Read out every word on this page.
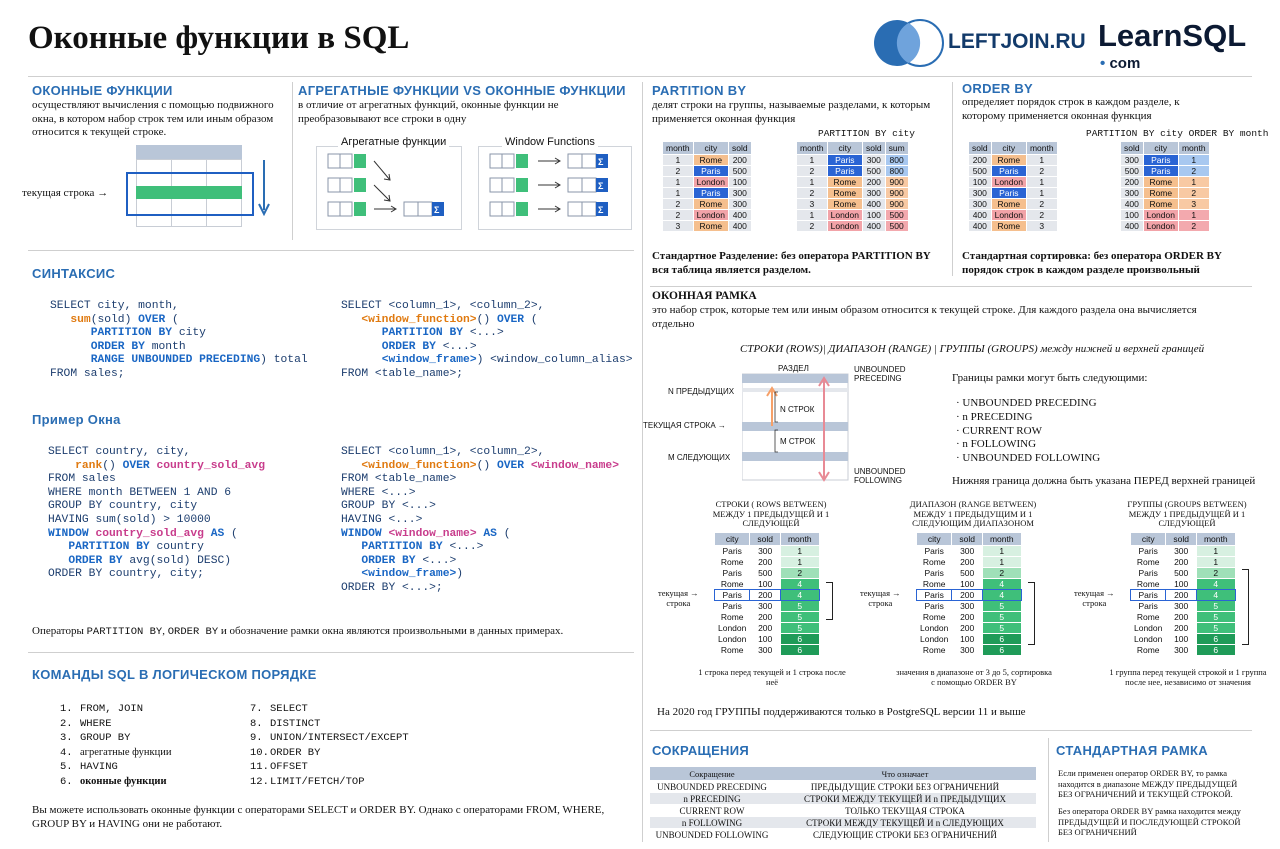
Оконные функции в SQL	LEFTJOIN.RU LearnSQL
• com
ОКОННЫЕ ФУНКЦИИ
осуществляют вычисления с помощью подвижного окна, в котором набор строк тем или иным образом относится к текущей строке.
текущая строка →
АГРЕГАТНЫЕ ФУНКЦИИ VS ОКОННЫЕ ФУНКЦИИ
в отличие от агрегатных функций, оконные функции не преобразовывают все строки в одну
Агрегатные функции	Window Functions
Σ
Σ
Σ
Σ
PARTITION BY
делят строки на группы, называемые разделами, к которым применяется оконная функция
PARTITION BY city
month	city	sold
1	Rome	200
2	Paris	500
1	London	100
1	Paris	300
2	Rome	300
2	London	400
3	Rome	400
month	city	sold	sum
1	Paris	300	800
2	Paris	500	800
1	Rome	200	900
2	Rome	300	900
3	Rome	400	900
1	London	100	500
2	London	400	500
Стандартное Разделение: без оператора PARTITION BY вся таблица является разделом.
ORDER BY
определяет порядок строк в каждом разделе, к которому применяется оконная функция
PARTITION BY city ORDER BY month
sold	city	month
200	Rome	1
500	Paris	2
100	London	1
300	Paris	1
300	Rome	2
400	London	2
400	Rome	3
sold	city	month
300	Paris	1
500	Paris	2
200	Rome	1
300	Rome	2
400	Rome	3
100	London	1
400	London	2
Стандартная сортировка: без оператора ORDER BY порядок строк в каждом разделе произвольный
СИНТАКСИС
SELECT city, month,
sum(sold) OVER (
PARTITION BY city
ORDER BY month
RANGE UNBOUNDED PRECEDING) total
FROM sales;
SELECT <column_1>, <column_2>,
<window_function>() OVER (
PARTITION BY <...>
ORDER BY <...>
<window_frame>) <window_column_alias>
FROM <table_name>;
Пример Окна
SELECT country, city,
rank() OVER country_sold_avg
FROM sales
WHERE month BETWEEN 1 AND 6
GROUP BY country, city
HAVING sum(sold) > 10000
WINDOW country_sold_avg AS (
PARTITION BY country
ORDER BY avg(sold) DESC)
ORDER BY country, city;
SELECT <column_1>, <column_2>,
<window_function>() OVER <window_name>
FROM <table_name>
WHERE <...>
GROUP BY <...>
HAVING <...>
WINDOW <window_name> AS (
PARTITION BY <...>
ORDER BY <...>
<window_frame>)
ORDER BY <...>;
Операторы PARTITION BY, ORDER BY и обозначение рамки окна являются произвольными в данных примерах.
КОМАНДЫ SQL В ЛОГИЧЕСКОМ ПОРЯДКЕ
1. FROM, JOIN
2. WHERE
3. GROUP BY
4. агрегатные функции
5. HAVING
6. оконные функции
7. SELECT
8. DISTINCT
9. UNION/INTERSECT/EXCEPT
10.ORDER BY
11.OFFSET
12.LIMIT/FETCH/TOP
Вы можете использовать оконные функции с операторами SELECT и ORDER BY. Однако с операторами FROM, WHERE, GROUP BY и HAVING они не работают.
ОКОННАЯ РАМКА
это набор строк, которые тем или иным образом относится к текущей строке. Для каждого раздела она вычисляется отдельно
СТРОКИ (ROWS)| ДИАПАЗОН (RANGE) | ГРУППЫ (GROUPS) между нижней и верхней границей
РАЗДЕЛ	UNBOUNDED
PRECEDING
N ПРЕДЫДУЩИХ
N СТРОК
ТЕКУЩАЯ СТРОКА →
M СТРОК
M СЛЕДУЮЩИХ
UNBOUNDED
FOLLOWING
Границы рамки могут быть следующими:
· UNBOUNDED PRECEDING
· n PRECEDING
· CURRENT ROW
· n FOLLOWING
· UNBOUNDED FOLLOWING
Нижняя граница должна быть указана ПЕРЕД верхней границей
СТРОКИ ( ROWS BETWEEN) МЕЖДУ 1 ПРЕДЫДУЩЕЙ И 1 СЛЕДУЮЩЕЙ
city	sold	month
Paris	300	1
Rome	200	1
Paris	500	2
Rome	100	4
Paris	200	4
Paris	300	5
Rome	200	5
London	200	5
London	100	6
Rome	300	6
текущая →
строка
1 строка перед текущей и 1 строка после неё
ДИАПАЗОН (RANGE BETWEEN) МЕЖДУ 1 ПРЕДЫДУЩИМ И 1 СЛЕДУЮЩИМ ДИАПАЗОНОМ
city	sold	month
Paris	300	1
Rome	200	1
Paris	500	2
Rome	100	4
Paris	200	4
Paris	300	5
Rome	200	5
London	200	5
London	100	6
Rome	300	6
текущая →
строка
значения в диапазоне от 3 до 5, сортировка с помощью ORDER BY
ГРУППЫ (GROUPS BETWEEN) МЕЖДУ 1 ПРЕДЫДУЩЕЙ И 1 СЛЕДУЮЩЕЙ
city	sold	month
Paris	300	1
Rome	200	1
Paris	500	2
Rome	100	4
Paris	200	4
Paris	300	5
Rome	200	5
London	200	5
London	100	6
Rome	300	6
текущая →
строка
1 группа перед текущей строкой и 1 группа после нее, независимо от значения
На 2020 год ГРУППЫ поддерживаются только в PostgreSQL версии 11 и выше
СОКРАЩЕНИЯ
Сокращение	Что означает
UNBOUNDED PRECEDING	ПРЕДЫДУЩИЕ СТРОКИ БЕЗ ОГРАНИЧЕНИЙ
n PRECEDING	СТРОКИ МЕЖДУ ТЕКУЩЕЙ И n ПРЕДЫДУЩИХ
CURRENT ROW	ТОЛЬКО ТЕКУЩАЯ СТРОКА
n FOLLOWING	СТРОКИ МЕЖДУ ТЕКУЩЕЙ И n СЛЕДУЮЩИХ
UNBOUNDED FOLLOWING	СЛЕДУЮЩИЕ СТРОКИ БЕЗ ОГРАНИЧЕНИЙ
СТАНДАРТНАЯ РАМКА
Если применен оператор ORDER BY, то рамка находится в диапазоне МЕЖДУ ПРЕДЫДУЩЕЙ БЕЗ ОГРАНИЧЕНИЙ И ТЕКУЩЕЙ СТРОКОЙ.
Без оператора ORDER BY рамка находится между ПРЕДЫДУЩЕЙ И ПОСЛЕДУЮЩЕЙ СТРОКОЙ БЕЗ ОГРАНИЧЕНИЙ
